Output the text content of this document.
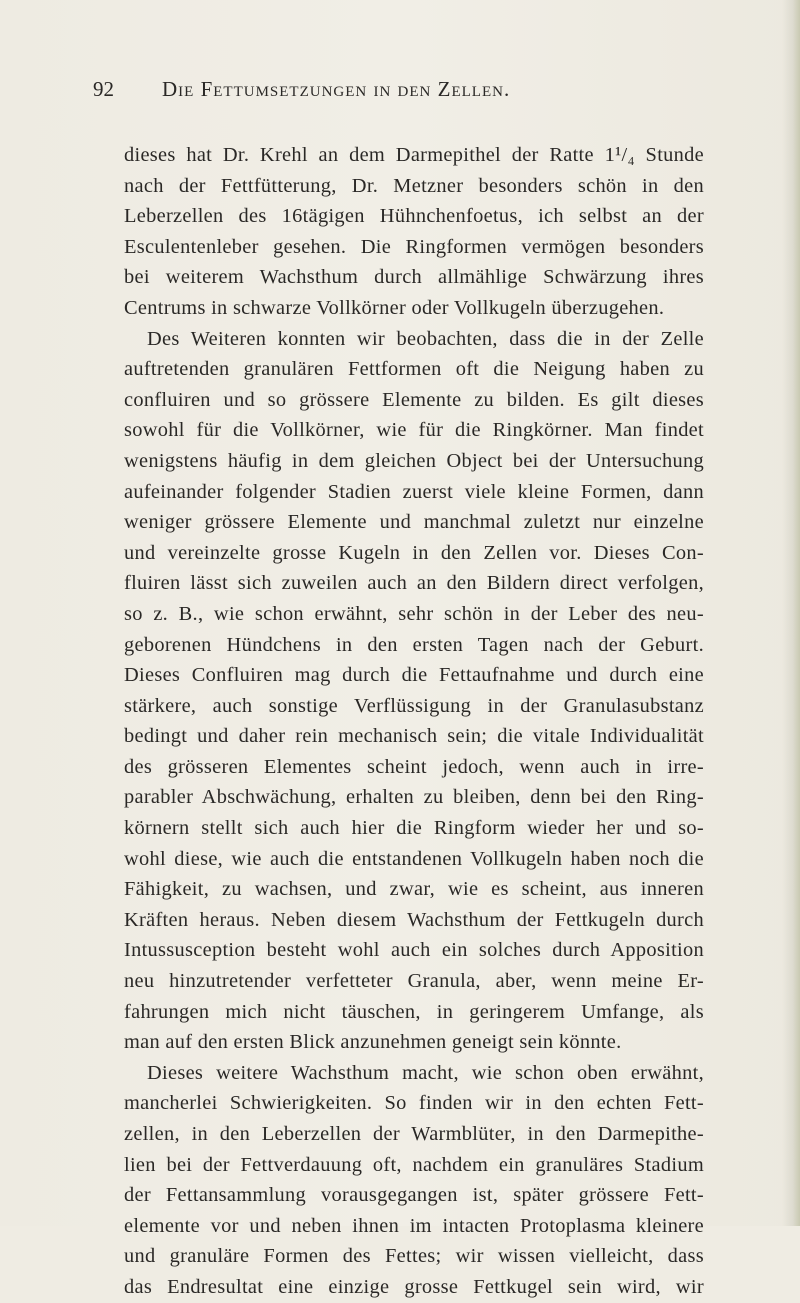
92 Die Fettumsetzungen in den Zellen.
dieses hat Dr. Krehl an dem Darmepithel der Ratte 1¹/₄ Stunde
nach der Fettfütterung, Dr. Metzner besonders schön in den
Leberzellen des 16tägigen Hühnchenfoetus, ich selbst an der
Esculentenleber gesehen. Die Ringformen vermögen besonders
bei weiterem Wachsthum durch allmählige Schwärzung ihres
Centrums in schwarze Vollkörner oder Vollkugeln überzugehen.
Des Weiteren konnten wir beobachten, dass die in der Zelle
auftretenden granulären Fettformen oft die Neigung haben zu
confluiren und so grössere Elemente zu bilden. Es gilt dieses
sowohl für die Vollkörner, wie für die Ringkörner. Man findet
wenigstens häufig in dem gleichen Object bei der Untersuchung
aufeinander folgender Stadien zuerst viele kleine Formen, dann
weniger grössere Elemente und manchmal zuletzt nur einzelne
und vereinzelte grosse Kugeln in den Zellen vor. Dieses Con-
fluiren lässt sich zuweilen auch an den Bildern direct verfolgen,
so z. B., wie schon erwähnt, sehr schön in der Leber des neu-
geborenen Hündchens in den ersten Tagen nach der Geburt.
Dieses Confluiren mag durch die Fettaufnahme und durch eine
stärkere, auch sonstige Verflüssigung in der Granulasubstanz
bedingt und daher rein mechanisch sein; die vitale Individualität
des grösseren Elementes scheint jedoch, wenn auch in irre-
parabler Abschwächung, erhalten zu bleiben, denn bei den Ring-
körnern stellt sich auch hier die Ringform wieder her und so-
wohl diese, wie auch die entstandenen Vollkugeln haben noch die
Fähigkeit, zu wachsen, und zwar, wie es scheint, aus inneren
Kräften heraus. Neben diesem Wachsthum der Fettkugeln durch
Intussusception besteht wohl auch ein solches durch Apposition
neu hinzutretender verfetteter Granula, aber, wenn meine Er-
fahrungen mich nicht täuschen, in geringerem Umfange, als
man auf den ersten Blick anzunehmen geneigt sein könnte.
Dieses weitere Wachsthum macht, wie schon oben erwähnt,
mancherlei Schwierigkeiten. So finden wir in den echten Fett-
zellen, in den Leberzellen der Warmblüter, in den Darmepithe-
lien bei der Fettverdauung oft, nachdem ein granuläres Stadium
der Fettansammlung vorausgegangen ist, später grössere Fett-
elemente vor und neben ihnen im intacten Protoplasma kleinere
und granuläre Formen des Fettes; wir wissen vielleicht, dass
das Endresultat eine einzige grosse Fettkugel sein wird, wir
